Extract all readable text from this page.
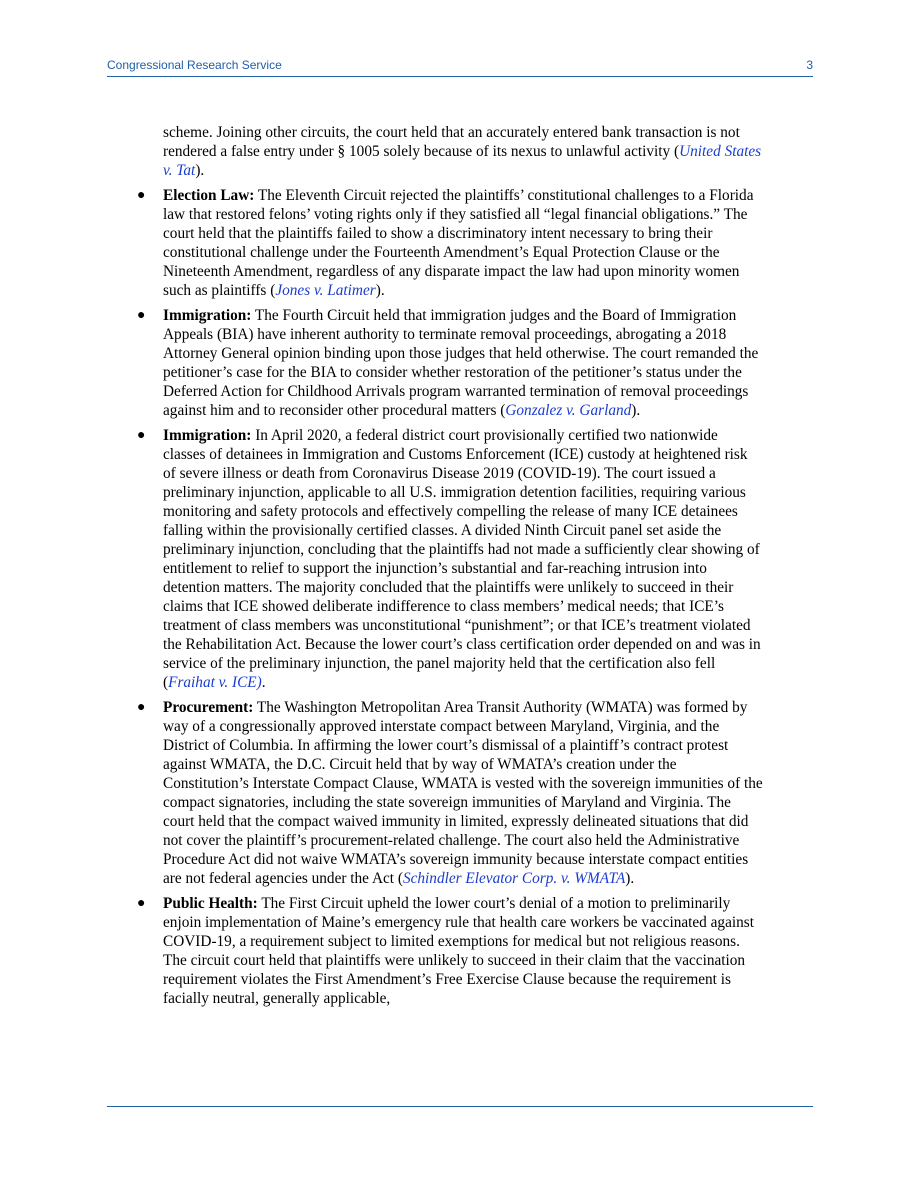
Congressional Research Service	3

scheme. Joining other circuits, the court held that an accurately entered bank transaction is not rendered a false entry under § 1005 solely because of its nexus to unlawful activity (United States v. Tat).

● Election Law: The Eleventh Circuit rejected the plaintiffs’ constitutional challenges to a Florida law that restored felons’ voting rights only if they satisfied all “legal financial obligations.” The court held that the plaintiffs failed to show a discriminatory intent necessary to bring their constitutional challenge under the Fourteenth Amendment’s Equal Protection Clause or the Nineteenth Amendment, regardless of any disparate impact the law had upon minority women such as plaintiffs (Jones v. Latimer).
● Immigration: The Fourth Circuit held that immigration judges and the Board of Immigration Appeals (BIA) have inherent authority to terminate removal proceedings, abrogating a 2018 Attorney General opinion binding upon those judges that held otherwise. The court remanded the petitioner’s case for the BIA to consider whether restoration of the petitioner’s status under the Deferred Action for Childhood Arrivals program warranted termination of removal proceedings against him and to reconsider other procedural matters (Gonzalez v. Garland).
● Immigration: In April 2020, a federal district court provisionally certified two nationwide classes of detainees in Immigration and Customs Enforcement (ICE) custody at heightened risk of severe illness or death from Coronavirus Disease 2019 (COVID-19). The court issued a preliminary injunction, applicable to all U.S. immigration detention facilities, requiring various monitoring and safety protocols and effectively compelling the release of many ICE detainees falling within the provisionally certified classes. A divided Ninth Circuit panel set aside the preliminary injunction, concluding that the plaintiffs had not made a sufficiently clear showing of entitlement to relief to support the injunction’s substantial and far-reaching intrusion into detention matters. The majority concluded that the plaintiffs were unlikely to succeed in their claims that ICE showed deliberate indifference to class members’ medical needs; that ICE’s treatment of class members was unconstitutional “punishment”; or that ICE’s treatment violated the Rehabilitation Act. Because the lower court’s class certification order depended on and was in service of the preliminary injunction, the panel majority held that the certification also fell (Fraihat v. ICE).
● Procurement: The Washington Metropolitan Area Transit Authority (WMATA) was formed by way of a congressionally approved interstate compact between Maryland, Virginia, and the District of Columbia. In affirming the lower court’s dismissal of a plaintiff’s contract protest against WMATA, the D.C. Circuit held that by way of WMATA’s creation under the Constitution’s Interstate Compact Clause, WMATA is vested with the sovereign immunities of the compact signatories, including the state sovereign immunities of Maryland and Virginia. The court held that the compact waived immunity in limited, expressly delineated situations that did not cover the plaintiff’s procurement-related challenge. The court also held the Administrative Procedure Act did not waive WMATA’s sovereign immunity because interstate compact entities are not federal agencies under the Act (Schindler Elevator Corp. v. WMATA).
● Public Health: The First Circuit upheld the lower court’s denial of a motion to preliminarily enjoin implementation of Maine’s emergency rule that health care workers be vaccinated against COVID-19, a requirement subject to limited exemptions for medical but not religious reasons. The circuit court held that plaintiffs were unlikely to succeed in their claim that the vaccination requirement violates the First Amendment’s Free Exercise Clause because the requirement is facially neutral, generally applicable,
